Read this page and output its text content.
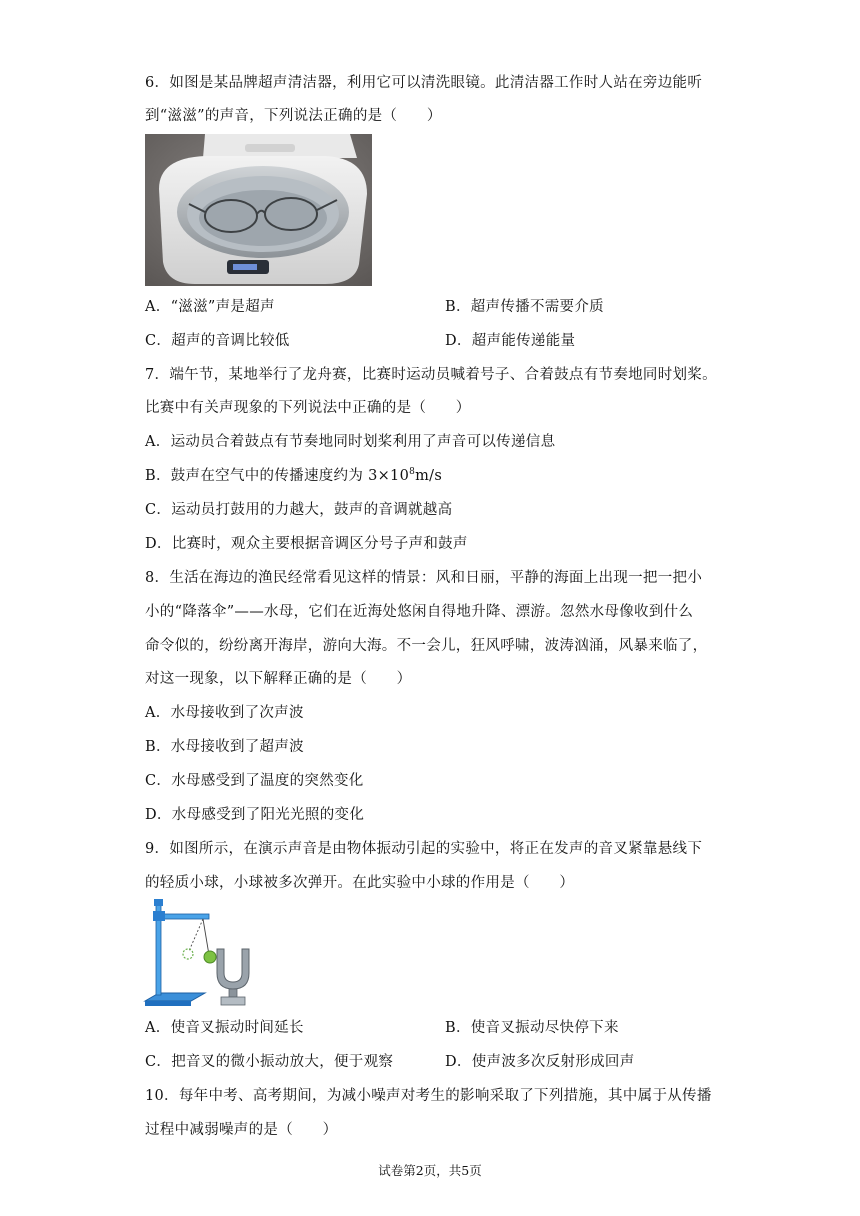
6．如图是某品牌超声清洁器，利用它可以清洗眼镜。此清洁器工作时人站在旁边能听
到“滋滋”的声音，下列说法正确的是（　　）
A．“滋滋”声是超声	B．超声传播不需要介质
C．超声的音调比较低	D．超声能传递能量
7．端午节，某地举行了龙舟赛，比赛时运动员喊着号子、合着鼓点有节奏地同时划桨。
比赛中有关声现象的下列说法中正确的是（　　）
A．运动员合着鼓点有节奏地同时划桨利用了声音可以传递信息
B．鼓声在空气中的传播速度约为 $3\times 10^8m/s$
C．运动员打鼓用的力越大，鼓声的音调就越高
D．比赛时，观众主要根据音调区分号子声和鼓声
8．生活在海边的渔民经常看见这样的情景：风和日丽，平静的海面上出现一把一把小
小的“降落伞”——水母，它们在近海处悠闲自得地升降、漂游。忽然水母像收到什么
命令似的，纷纷离开海岸，游向大海。不一会儿，狂风呼啸，波涛汹涌，风暴来临了，
对这一现象，以下解释正确的是（　　）
A．水母接收到了次声波
B．水母接收到了超声波
C．水母感受到了温度的突然变化
D．水母感受到了阳光光照的变化
9．如图所示，在演示声音是由物体振动引起的实验中，将正在发声的音叉紧靠悬线下
的轻质小球，小球被多次弹开。在此实验中小球的作用是（　　）
A．使音叉振动时间延长	B．使音叉振动尽快停下来
C．把音叉的微小振动放大，便于观察	D．使声波多次反射形成回声
10．每年中考、高考期间，为减小噪声对考生的影响采取了下列措施，其中属于从传播
过程中减弱噪声的是（　　）
试卷第2页，共5页
